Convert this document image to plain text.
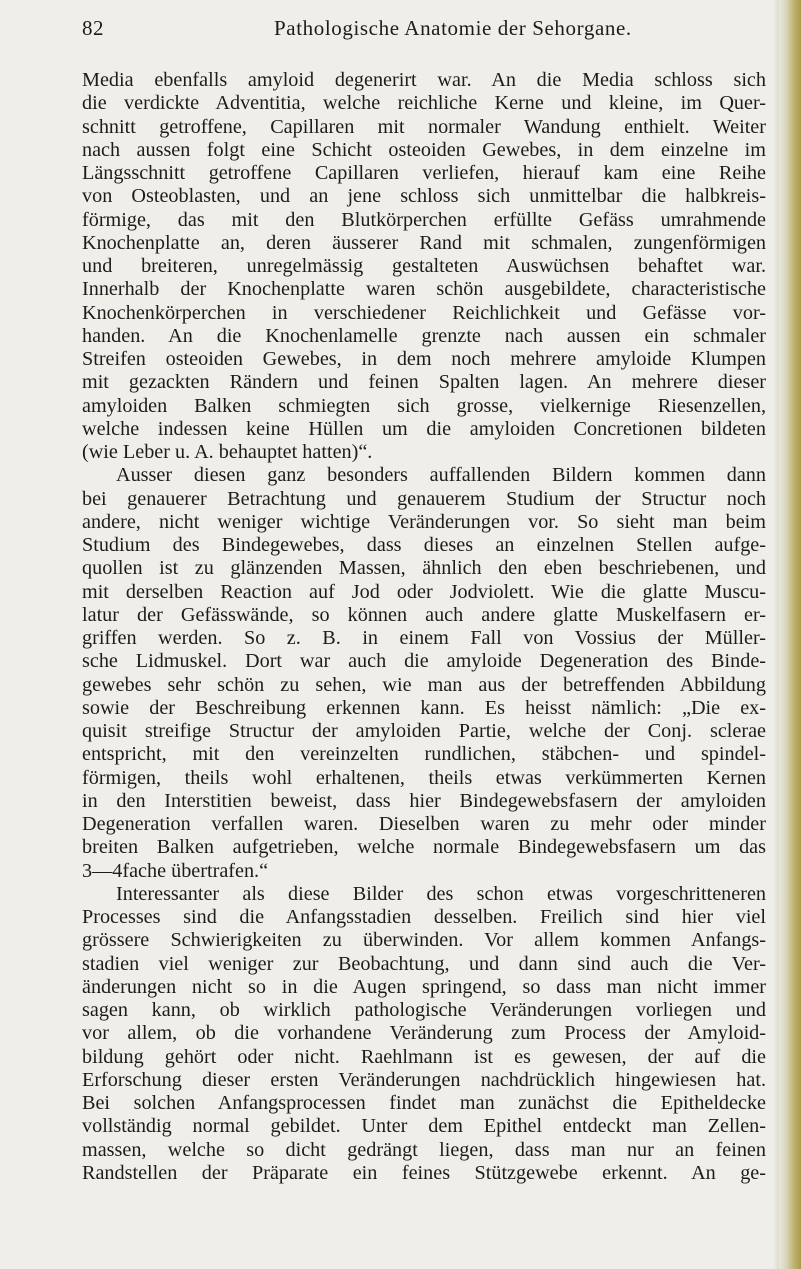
82	Pathologische Anatomie der Sehorgane.
Media ebenfalls amyloid degenerirt war. An die Media schloss sich
die verdickte Adventitia, welche reichliche Kerne und kleine, im Quer-
schnitt getroffene, Capillaren mit normaler Wandung enthielt. Weiter
nach aussen folgt eine Schicht osteoiden Gewebes, in dem einzelne im
Längsschnitt getroffene Capillaren verliefen, hierauf kam eine Reihe
von Osteoblasten, und an jene schloss sich unmittelbar die halbkreis-
förmige, das mit den Blutkörperchen erfüllte Gefäss umrahmende
Knochenplatte an, deren äusserer Rand mit schmalen, zungenförmigen
und breiteren, unregelmässig gestalteten Auswüchsen behaftet war.
Innerhalb der Knochenplatte waren schön ausgebildete, characteristische
Knochenkörperchen in verschiedener Reichlichkeit und Gefässe vor-
handen. An die Knochenlamelle grenzte nach aussen ein schmaler
Streifen osteoiden Gewebes, in dem noch mehrere amyloide Klumpen
mit gezackten Rändern und feinen Spalten lagen. An mehrere dieser
amyloiden Balken schmiegten sich grosse, vielkernige Riesenzellen,
welche indessen keine Hüllen um die amyloiden Concretionen bildeten
(wie Leber u. A. behauptet hatten)“.
Ausser diesen ganz besonders auffallenden Bildern kommen dann
bei genauerer Betrachtung und genauerem Studium der Structur noch
andere, nicht weniger wichtige Veränderungen vor. So sieht man beim
Studium des Bindegewebes, dass dieses an einzelnen Stellen aufge-
quollen ist zu glänzenden Massen, ähnlich den eben beschriebenen, und
mit derselben Reaction auf Jod oder Jodviolett. Wie die glatte Muscu-
latur der Gefässwände, so können auch andere glatte Muskelfasern er-
griffen werden. So z. B. in einem Fall von Vossius der Müller-
sche Lidmuskel. Dort war auch die amyloide Degeneration des Binde-
gewebes sehr schön zu sehen, wie man aus der betreffenden Abbildung
sowie der Beschreibung erkennen kann. Es heisst nämlich: „Die ex-
quisit streifige Structur der amyloiden Partie, welche der Conj. sclerae
entspricht, mit den vereinzelten rundlichen, stäbchen- und spindel-
förmigen, theils wohl erhaltenen, theils etwas verkümmerten Kernen
in den Interstitien beweist, dass hier Bindegewebsfasern der amyloiden
Degeneration verfallen waren. Dieselben waren zu mehr oder minder
breiten Balken aufgetrieben, welche normale Bindegewebsfasern um das
3—4fache übertrafen.“
Interessanter als diese Bilder des schon etwas vorgeschritteneren
Processes sind die Anfangsstadien desselben. Freilich sind hier viel
grössere Schwierigkeiten zu überwinden. Vor allem kommen Anfangs-
stadien viel weniger zur Beobachtung, und dann sind auch die Ver-
änderungen nicht so in die Augen springend, so dass man nicht immer
sagen kann, ob wirklich pathologische Veränderungen vorliegen und
vor allem, ob die vorhandene Veränderung zum Process der Amyloid-
bildung gehört oder nicht. Raehlmann ist es gewesen, der auf die
Erforschung dieser ersten Veränderungen nachdrücklich hingewiesen hat.
Bei solchen Anfangsprocessen findet man zunächst die Epitheldecke
vollständig normal gebildet. Unter dem Epithel entdeckt man Zellen-
massen, welche so dicht gedrängt liegen, dass man nur an feinen
Randstellen der Präparate ein feines Stützgewebe erkennt. An ge-
